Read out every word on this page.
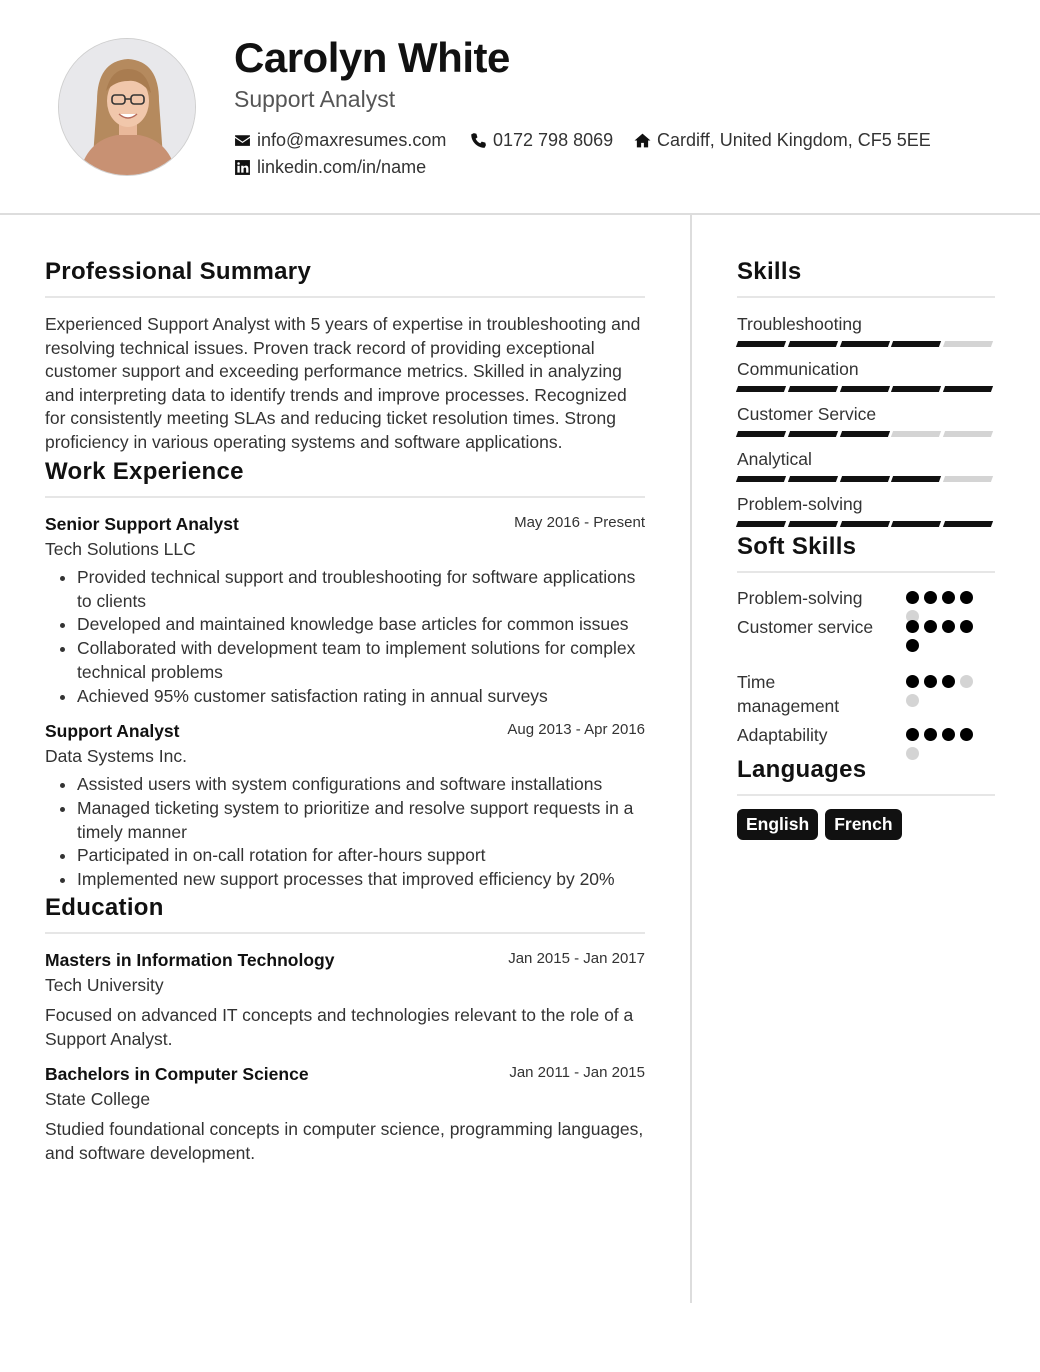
Carolyn White
Support Analyst
info@maxresumes.com	0172 798 8069 Cardiff, United Kingdom, CF5 5EE
linkedin.com/in/name
Professional Summary

Experienced Support Analyst with 5 years of expertise in troubleshooting and resolving technical issues. Proven track record of providing exceptional customer support and exceeding performance metrics. Skilled in analyzing and interpreting data to identify trends and improve processes. Recognized for consistently meeting SLAs and reducing ticket resolution times. Strong proficiency in various operating systems and software applications.

Work Experience
Senior Support Analyst	May 2016 - Present
Tech Solutions LLC
• Provided technical support and troubleshooting for software applications to clients
• Developed and maintained knowledge base articles for common issues
• Collaborated with development team to implement solutions for complex technical problems
• Achieved 95% customer satisfaction rating in annual surveys
Support Analyst	Aug 2013 - Apr 2016
Data Systems Inc.
• Assisted users with system configurations and software installations
• Managed ticketing system to prioritize and resolve support requests in a timely manner
• Participated in on-call rotation for after-hours support
• Implemented new support processes that improved efficiency by 20%
Education
Masters in Information Technology	Jan 2015 - Jan 2017
Tech University

Focused on advanced IT concepts and technologies relevant to the role of a Support Analyst.

Bachelors in Computer Science	Jan 2011 - Jan 2015
State College

Studied foundational concepts in computer science, programming languages, and software development.

Skills
Troubleshooting
Communication
Customer Service
Analytical
Problem-solving
Soft Skills
Problem-solving
Customer service
Time management
Adaptability
Languages
English	French
